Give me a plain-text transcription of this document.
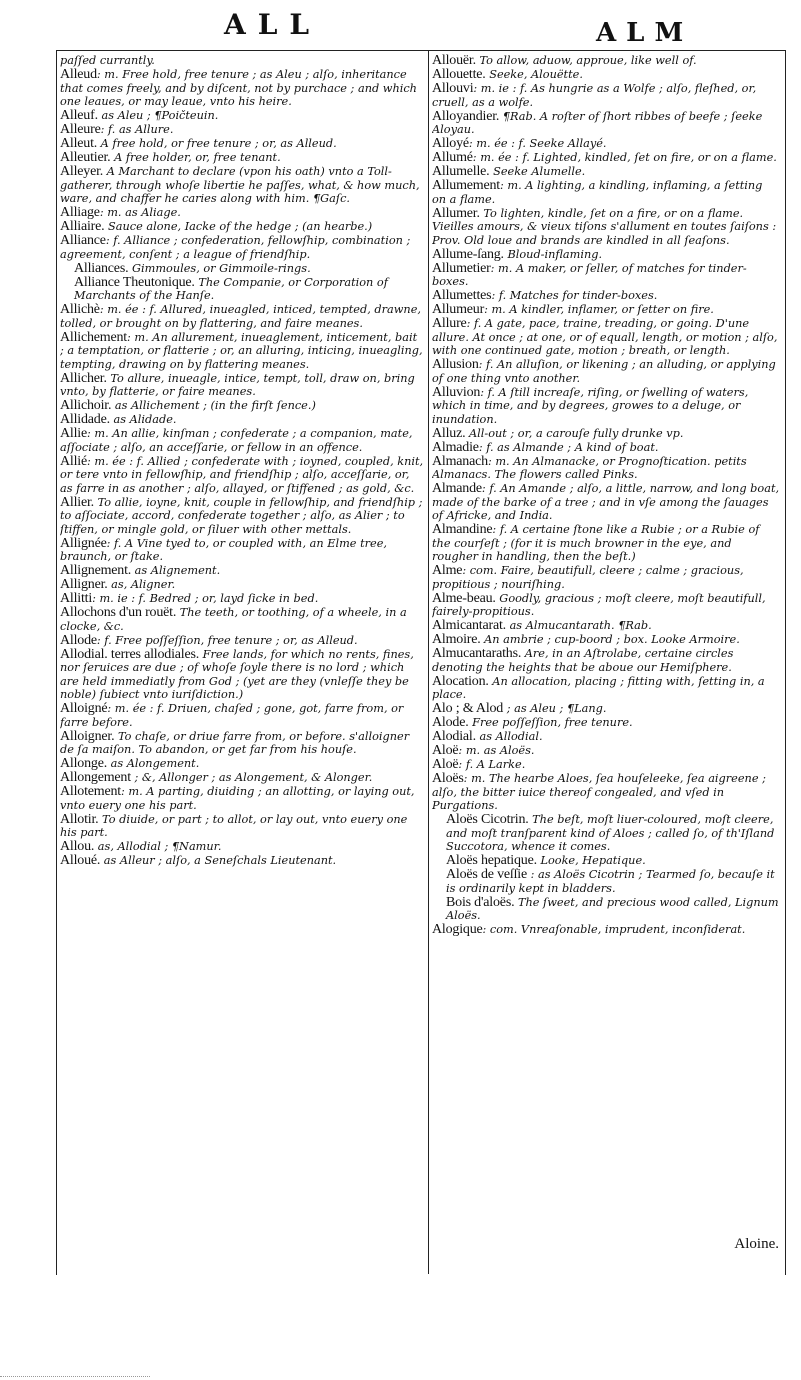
ALL	ALM
paſſed currantly.
Alleud: m. Free hold, free tenure ; as Aleu ; alſo, inheritance that comes freely, and by diſcent, not by purchace ; and which one leaues, or may leaue, vnto his heire.
Alleuf. as Aleu ; ¶Poičteuin.
Alleure: f. as Allure.
Alleut. A free hold, or free tenure ; or, as Alleud.
Alleutier. A free holder, or, free tenant.
Alleyer. A Marchant to declare (vpon his oath) vnto a Toll-gatherer, through whoſe libertie he paſſes, what, & how much, ware, and chaffer he caries along with him. ¶Gaſc.
Alliage: m. as Aliage.
Alliaire. Sauce alone, Iacke of the hedge ; (an hearbe.)
Alliance: f. Alliance ; confederation, fellowſhip, combination ; agreement, conſent ; a league of friendſhip.
Alliances. Gimmoules, or Gimmoile-rings.
Alliance Theutonique. The Companie, or Corporation of Marchants of the Hanſe.
Allichè: m. ée : f. Allured, inueagled, inticed, tempted, drawne, tolled, or brought on by flattering, and faire meanes.
Allichement: m. An allurement, inueaglement, inticement, bait ; a temptation, or flatterie ; or, an alluring, inticing, inueagling, tempting, drawing on by flattering meanes.
Allicher. To allure, inueagle, intice, tempt, toll, draw on, bring vnto, by flatterie, or faire meanes.
Allichoir. as Allichement ; (in the firſt ſence.)
Allidade. as Alidade.
Allie: m. An allie, kinſman ; confederate ; a companion, mate, aſſociate ; alſo, an acceſſarie, or fellow in an offence.
Allié: m. ée : f. Allied ; confederate with ; ioyned, coupled, knit, or tere vnto in fellowſhip, and friendſhip ; alſo, acceſſarie, or, as farre in as another ; alſo, allayed, or ſtiffened ; as gold, &c.
Allier. To allie, ioyne, knit, couple in fellowſhip, and friendſhip ; to aſſociate, accord, confederate together ; alſo, as Alier ; to ſtiffen, or mingle gold, or ſiluer with other mettals.
Allignée: f. A Vine tyed to, or coupled with, an Elme tree, braunch, or ſtake.
Allignement. as Alignement.
Alligner. as, Aligner.
Allitti: m. ie : f. Bedred ; or, layd ſicke in bed.
Allochons d'un rouët. The teeth, or toothing, of a wheele, in a clocke, &c.
Allode: f. Free poſſeſſion, free tenure ; or, as Alleud.
Allodial. terres allodiales. Free lands, for which no rents, fines, nor ſeruices are due ; of whoſe ſoyle there is no lord ; which are held immediatly from God ; (yet are they (vnleſſe they be noble) ſubiect vnto iuriſdiction.)
Alloigné: m. ée : f. Driuen, chaſed ; gone, got, farre from, or farre before.
Alloigner. To chaſe, or driue farre from, or before. s'alloigner de ſa maiſon. To abandon, or get far from his houſe.
Allonge. as Alongement.
Allongement ; &, Allonger ; as Alongement, & Alonger.
Allotement: m. A parting, diuiding ; an allotting, or laying out, vnto euery one his part.
Allotir. To diuide, or part ; to allot, or lay out, vnto euery one his part.
Allou. as, Allodial ; ¶Namur.
Alloué. as Alleur ; alſo, a Seneſchals Lieutenant.
Allouër. To allow, aduow, approue, like well of.
Allouette. Seeke, Alouëtte.
Allouvi: m. ie : f. As hungrie as a Wolfe ; alſo, fleſhed, or, cruell, as a wolfe.
Alloyandier. ¶Rab. A roſter of ſhort ribbes of beefe ; ſeeke Aloyau.
Alloyé: m. ée : f. Seeke Allayé.
Allumé: m. ée : f. Lighted, kindled, ſet on fire, or on a flame.
Allumelle. Seeke Alumelle.
Allumement: m. A lighting, a kindling, inflaming, a ſetting on a flame.
Allumer. To lighten, kindle, ſet on a fire, or on a flame. Vieilles amours, & vieux tiſons s'allument en toutes ſaiſons : Prov. Old loue and brands are kindled in all ſeaſons.
Allume-ſang. Bloud-inflaming.
Allumetier: m. A maker, or ſeller, of matches for tinder-boxes.
Allumettes: f. Matches for tinder-boxes.
Allumeur: m. A kindler, inflamer, or ſetter on fire.
Allure: f. A gate, pace, traine, treading, or going. D'une allure. At once ; at one, or of equall, length, or motion ; alſo, with one continued gate, motion ; breath, or length.
Allusion: f. An alluſion, or likening ; an alluding, or applying of one thing vnto another.
Alluvion: f. A ſtill increaſe, riſing, or ſwelling of waters, which in time, and by degrees, growes to a deluge, or inundation.
Alluz. All-out ; or, a carouſe fully drunke vp.
Almadie: f. as Almande ; A kind of boat.
Almanach: m. An Almanacke, or Prognoſtication. petits Almanacs. The flowers called Pinks.
Almande: f. An Amande ; alſo, a little, narrow, and long boat, made of the barke of a tree ; and in vſe among the ſauages of Africke, and India.
Almandine: f. A certaine ſtone like a Rubie ; or a Rubie of the courſeſt ; (for it is much browner in the eye, and rougher in handling, then the beſt.)
Alme: com. Faire, beautifull, cleere ; calme ; gracious, propitious ; nouriſhing.
Alme-beau. Goodly, gracious ; moſt cleere, moſt beautifull, fairely-propitious.
Almicantarat. as Almucantarath. ¶Rab.
Almoire. An ambrie ; cup-boord ; box. Looke Armoire.
Almucantaraths. Are, in an Aſtrolabe, certaine circles denoting the heights that be aboue our Hemiſphere.
Alocation. An allocation, placing ; fitting with, ſetting in, a place.
Alo ; & Alod ; as Aleu ; ¶Lang.
Alode. Free poſſeſſion, free tenure.
Alodial. as Allodial.
Aloë: m. as Aloës.
Aloë: f. A Larke.
Aloës: m. The hearbe Aloes, ſea houſeleeke, ſea aigreene ; alſo, the bitter iuice thereof congealed, and vſed in Purgations.
Aloës Cicotrin. The beſt, moſt liuer-coloured, moſt cleere, and moſt tranſparent kind of Aloes ; called ſo, of th'Iſland Succotora, whence it comes.
Aloës hepatique. Looke, Hepatique.
Aloës de veſſie : as Aloës Cicotrin ; Tearmed ſo, becauſe it is ordinarily kept in bladders.
Bois d'aloës. The ſweet, and precious wood called, Lignum Aloës.
Alogique: com. Vnreaſonable, imprudent, inconſiderat.
Aloine.
